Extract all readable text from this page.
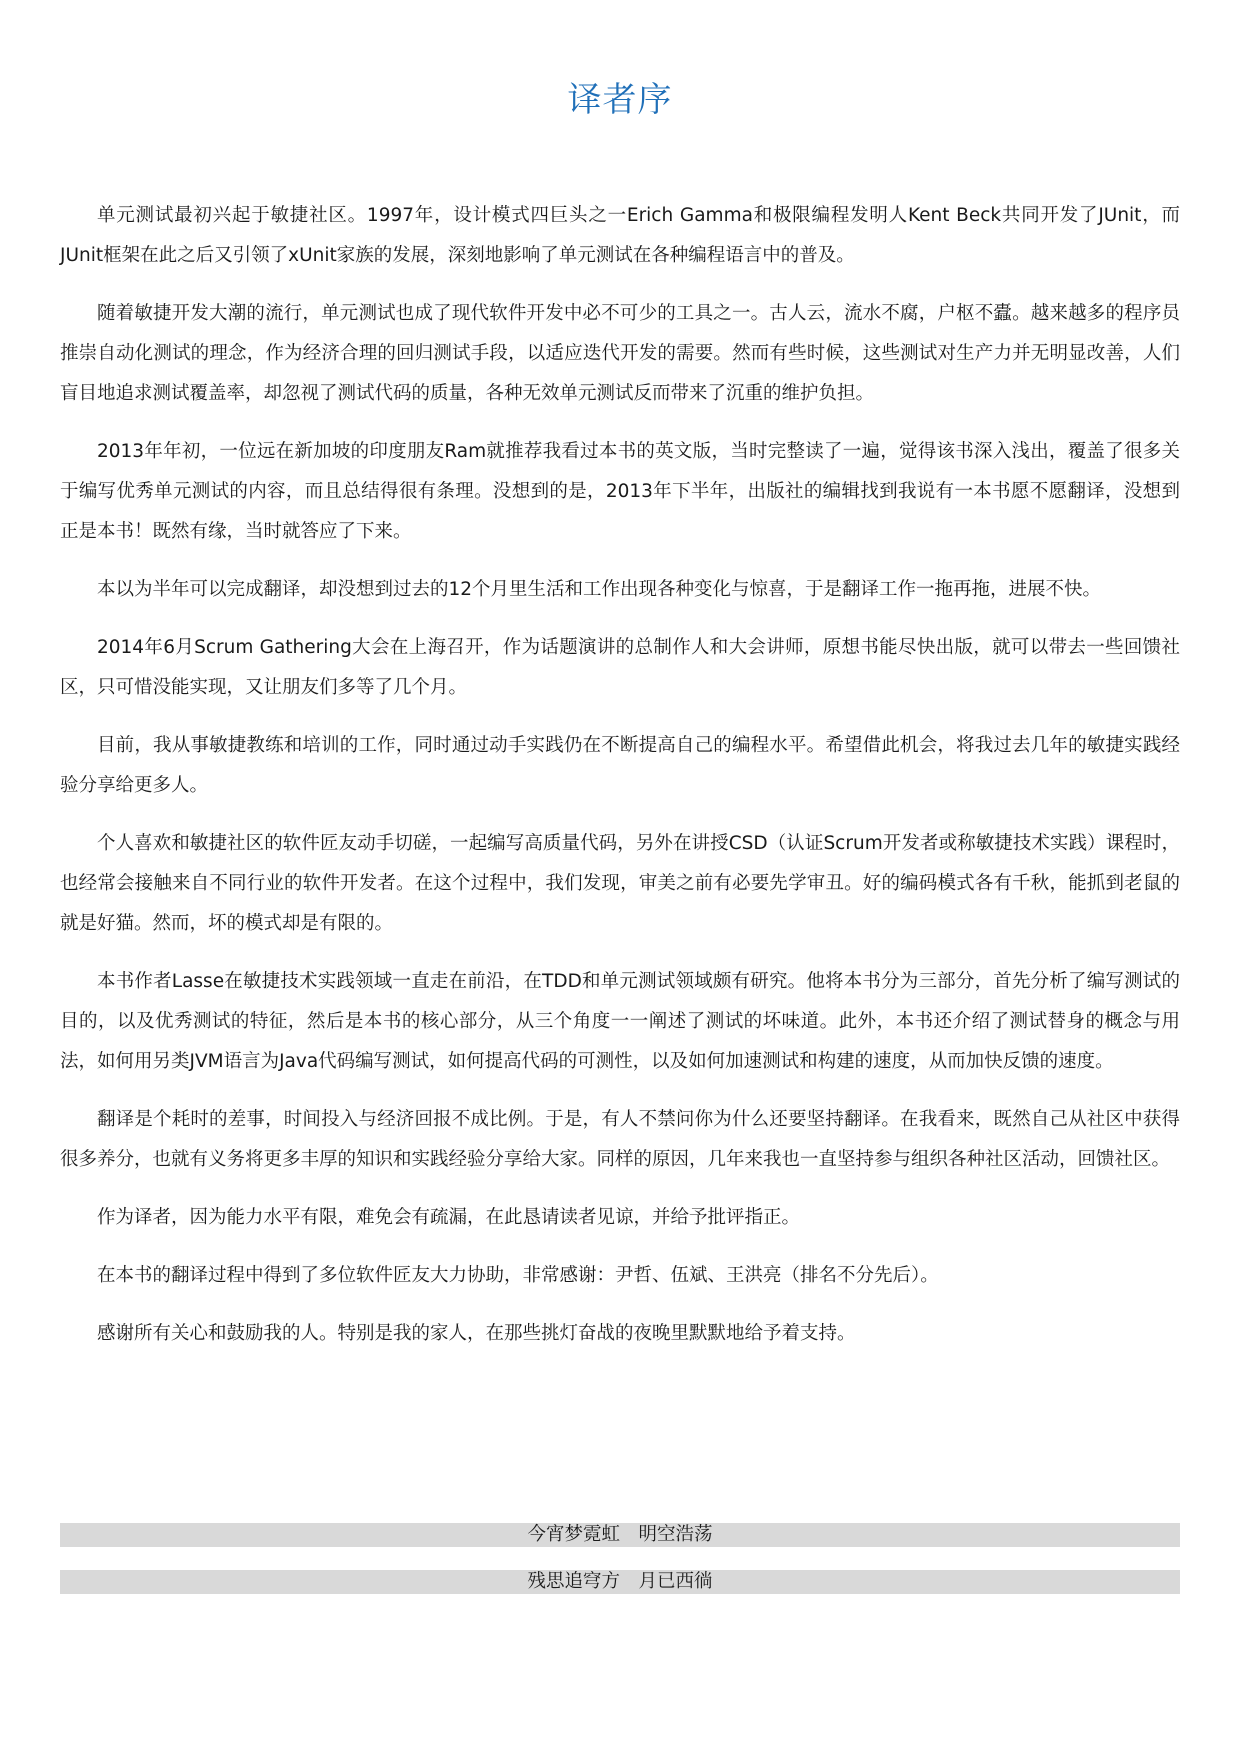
译者序

单元测试最初兴起于敏捷社区。1997年，设计模式四巨头之一Erich Gamma和极限编程发明人Kent Beck共同开发了JUnit，而JUnit框架在此之后又引领了xUnit家族的发展，深刻地影响了单元测试在各种编程语言中的普及。

随着敏捷开发大潮的流行，单元测试也成了现代软件开发中必不可少的工具之一。古人云，流水不腐，户枢不蠹。越来越多的程序员推崇自动化测试的理念，作为经济合理的回归测试手段，以适应迭代开发的需要。然而有些时候，这些测试对生产力并无明显改善，人们盲目地追求测试覆盖率，却忽视了测试代码的质量，各种无效单元测试反而带来了沉重的维护负担。

2013年年初，一位远在新加坡的印度朋友Ram就推荐我看过本书的英文版，当时完整读了一遍，觉得该书深入浅出，覆盖了很多关于编写优秀单元测试的内容，而且总结得很有条理。没想到的是，2013年下半年，出版社的编辑找到我说有一本书愿不愿翻译，没想到正是本书！既然有缘，当时就答应了下来。

本以为半年可以完成翻译，却没想到过去的12个月里生活和工作出现各种变化与惊喜，于是翻译工作一拖再拖，进展不快。

2014年6月Scrum Gathering大会在上海召开，作为话题演讲的总制作人和大会讲师，原想书能尽快出版，就可以带去一些回馈社区，只可惜没能实现，又让朋友们多等了几个月。

目前，我从事敏捷教练和培训的工作，同时通过动手实践仍在不断提高自己的编程水平。希望借此机会，将我过去几年的敏捷实践经验分享给更多人。

个人喜欢和敏捷社区的软件匠友动手切磋，一起编写高质量代码，另外在讲授CSD（认证Scrum开发者或称敏捷技术实践）课程时，也经常会接触来自不同行业的软件开发者。在这个过程中，我们发现，审美之前有必要先学审丑。好的编码模式各有千秋，能抓到老鼠的就是好猫。然而，坏的模式却是有限的。

本书作者Lasse在敏捷技术实践领域一直走在前沿，在TDD和单元测试领域颇有研究。他将本书分为三部分，首先分析了编写测试的目的，以及优秀测试的特征，然后是本书的核心部分，从三个角度一一阐述了测试的坏味道。此外，本书还介绍了测试替身的概念与用法，如何用另类JVM语言为Java代码编写测试，如何提高代码的可测性，以及如何加速测试和构建的速度，从而加快反馈的速度。

翻译是个耗时的差事，时间投入与经济回报不成比例。于是，有人不禁问你为什么还要坚持翻译。在我看来，既然自己从社区中获得很多养分，也就有义务将更多丰厚的知识和实践经验分享给大家。同样的原因，几年来我也一直坚持参与组织各种社区活动，回馈社区。

作为译者，因为能力水平有限，难免会有疏漏，在此恳请读者见谅，并给予批评指正。

在本书的翻译过程中得到了多位软件匠友大力协助，非常感谢：尹哲、伍斌、王洪亮（排名不分先后）。

感谢所有关心和鼓励我的人。特别是我的家人，在那些挑灯奋战的夜晚里默默地给予着支持。

今宵梦霓虹　明空浩荡
残思追穹方　月已西徜
